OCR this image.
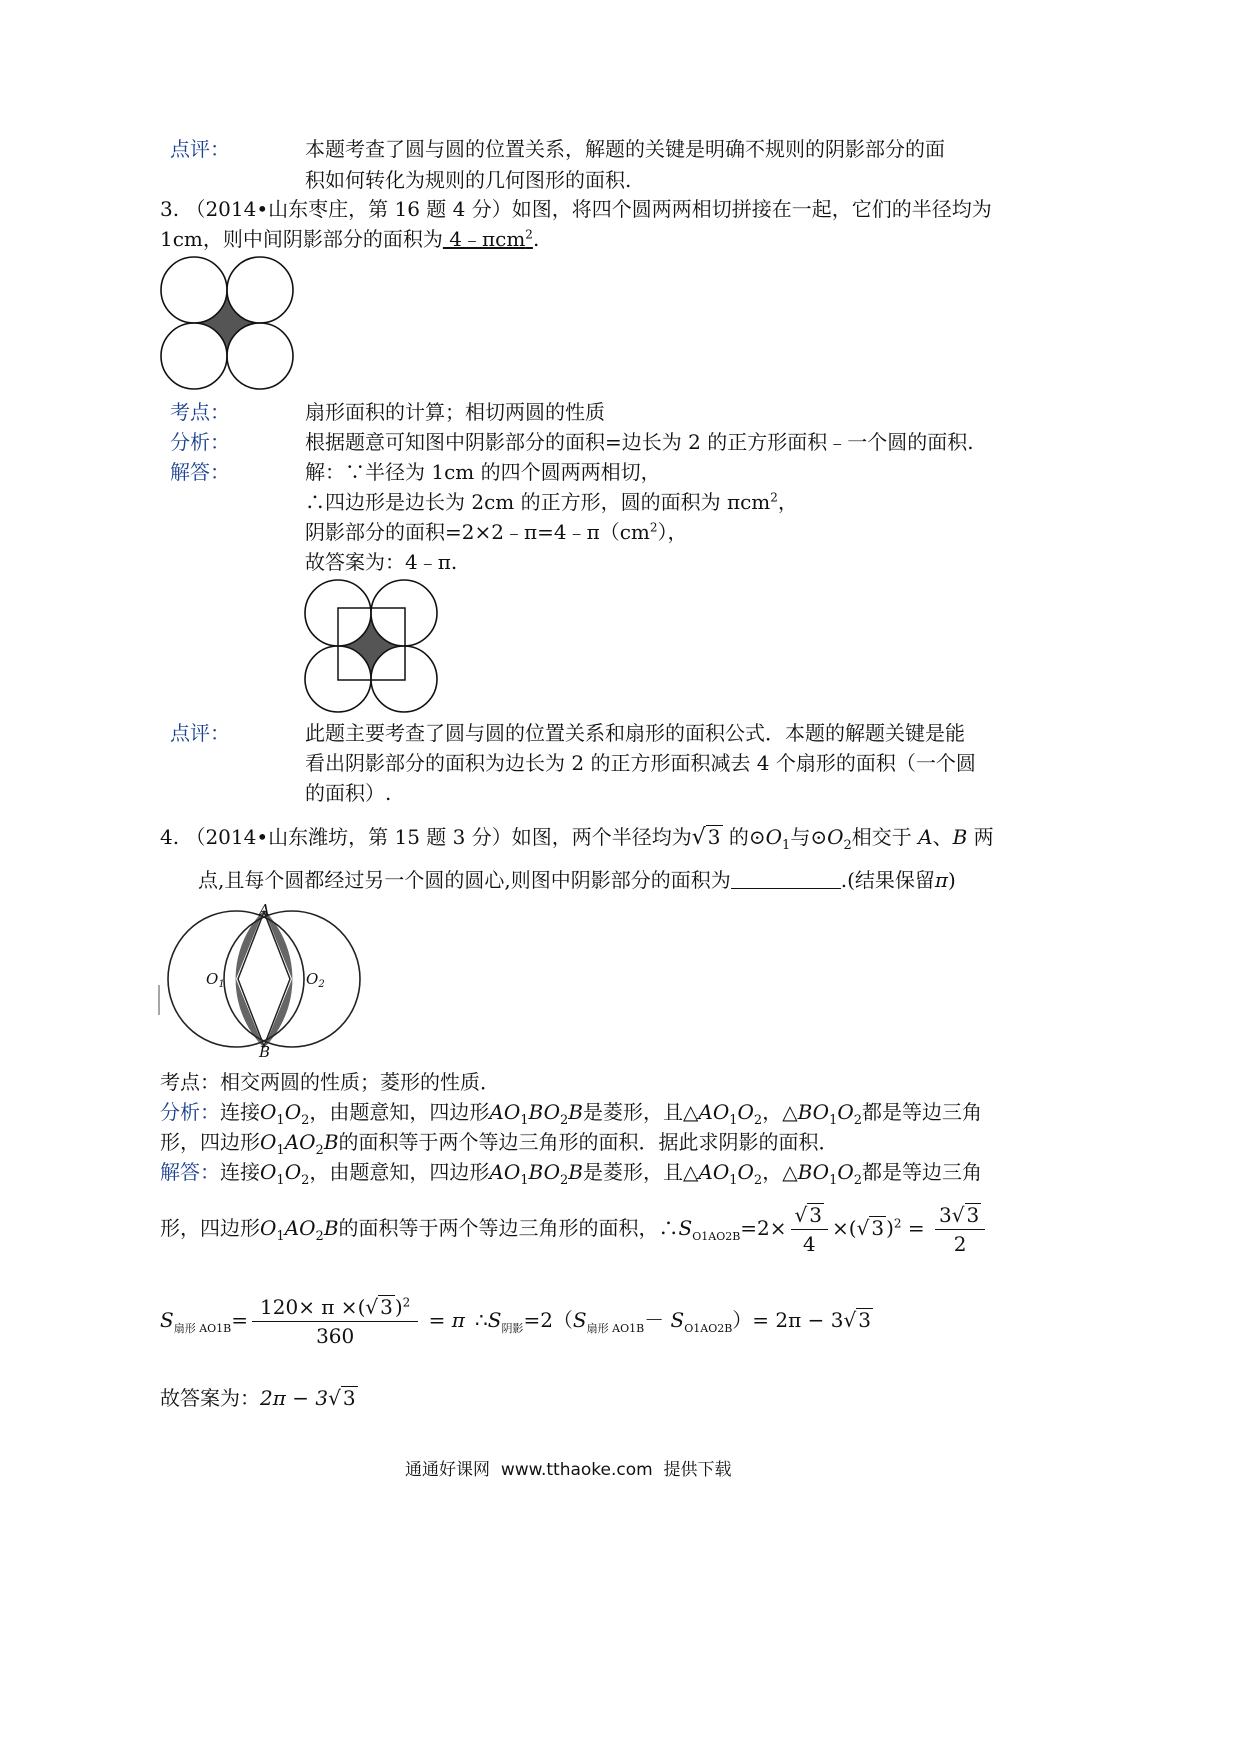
点评：	本题考查了圆与圆的位置关系，解题的关键是明确不规则的阴影部分的面
积如何转化为规则的几何图形的面积.
3. （2014•山东枣庄，第 16 题 4 分）如图，将四个圆两两相切拼接在一起，它们的半径均为
1cm，则中间阴影部分的面积为 4﹣πcm$^2$.
考点：	扇形面积的计算；相切两圆的性质
分析：	根据题意可知图中阴影部分的面积=边长为 2 的正方形面积﹣一个圆的面积.
解答：	解：∵半径为 1cm 的四个圆两两相切，
∴四边形是边长为 2cm 的正方形，圆的面积为 πcm$^2$，
阴影部分的面积$=2\times 2﹣\pi=4﹣\pi(cm^2)$，
故答案为：4﹣π.
点评：	此题主要考查了圆与圆的位置关系和扇形的面积公式．本题的解题关键是能
看出阴影部分的面积为边长为 2 的正方形面积减去 4 个扇形的面积（一个圆
的面积）.
4. （2014•山东潍坊，第 15 题 3 分）如图，两个半径均为√ 3 的$⊙O_1$与$⊙O_2$相交于 A、B 两
点,且每个圆都经过另一个圆的圆心,则图中阴影部分的面积为	.(结果保留π)
A
B
$O_1$	$O_2$
考点：相交两圆的性质；菱形的性质．
分析：连接$O_1O_2$，由题意知，四边形$AO_1BO_2B$是菱形，且$\triangle AO_1O_2$，$\triangle BO_1O_2$都是等边三角
形，四边形$O_1AO_2B$的面积等于两个等边三角形的面积．据此求阴影的面积．
解答：连接$O_1O_2$，由题意知，四边形$AO_1BO_2B$是菱形，且$\triangle AO_1O_2$，$\triangle BO_1O_2$都是等边三角
形，四边形$O_1AO_2B$的面积等于两个等边三角形的面积，$\therefore S_{O1AO2B}=2\times \frac{√ 3}{4}$ ×(√ 3 )$^2 = \frac{3√ 3}{2}$
$S_{扇形 AO1B}= \frac{120\times \pi \times(√ 3 )^2}{360} = \pi$ $\therefore S_{阴影}=2(S_{扇形 AO1B}- S_{O1AO2B})= 2\pi - 3√$ 3
故答案为：2π − 3√ 3
通通好课网 www.tthaoke.com 提供下载
